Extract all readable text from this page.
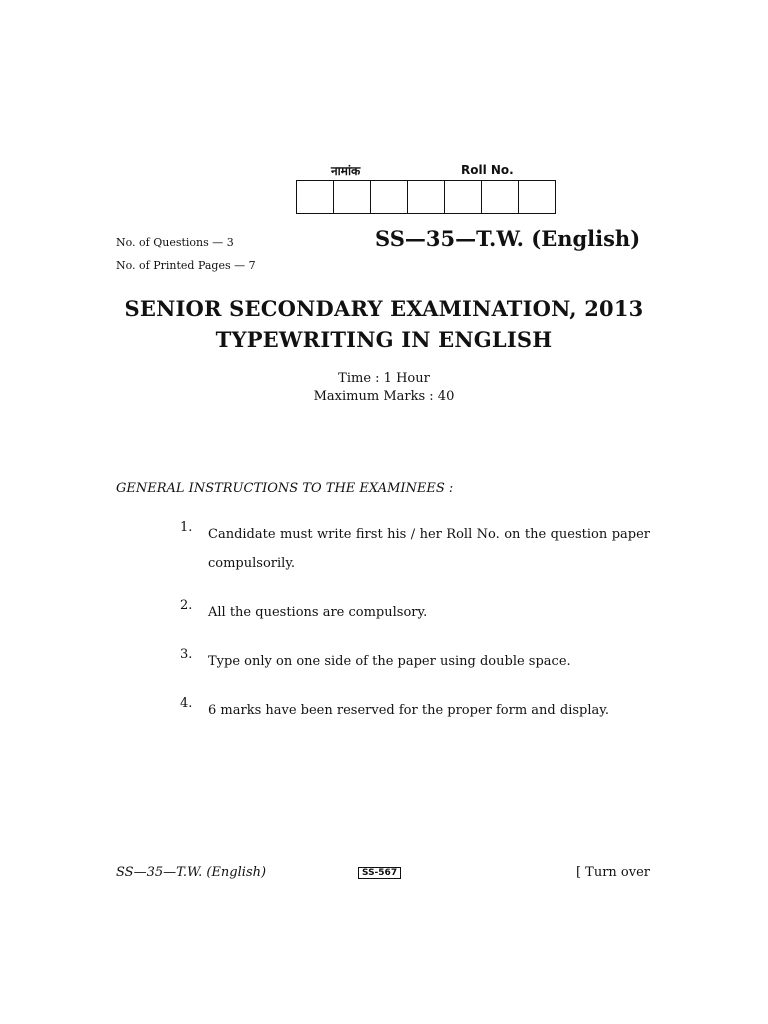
नामांक	Roll No.
No. of Questions — 3
No. of Printed Pages — 7
SS—35—T.W. (English)
SENIOR SECONDARY EXAMINATION, 2013
TYPEWRITING IN ENGLISH
Time : 1 Hour
Maximum Marks : 40
GENERAL INSTRUCTIONS TO THE EXAMINEES :
1. Candidate must write first his / her Roll No. on the question paper compulsorily.
2. All the questions are compulsory.
3. Type only on one side of the paper using double space.
4. 6 marks have been reserved for the proper form and display.
SS—35—T.W. (English)	SS-567	[ Turn over
